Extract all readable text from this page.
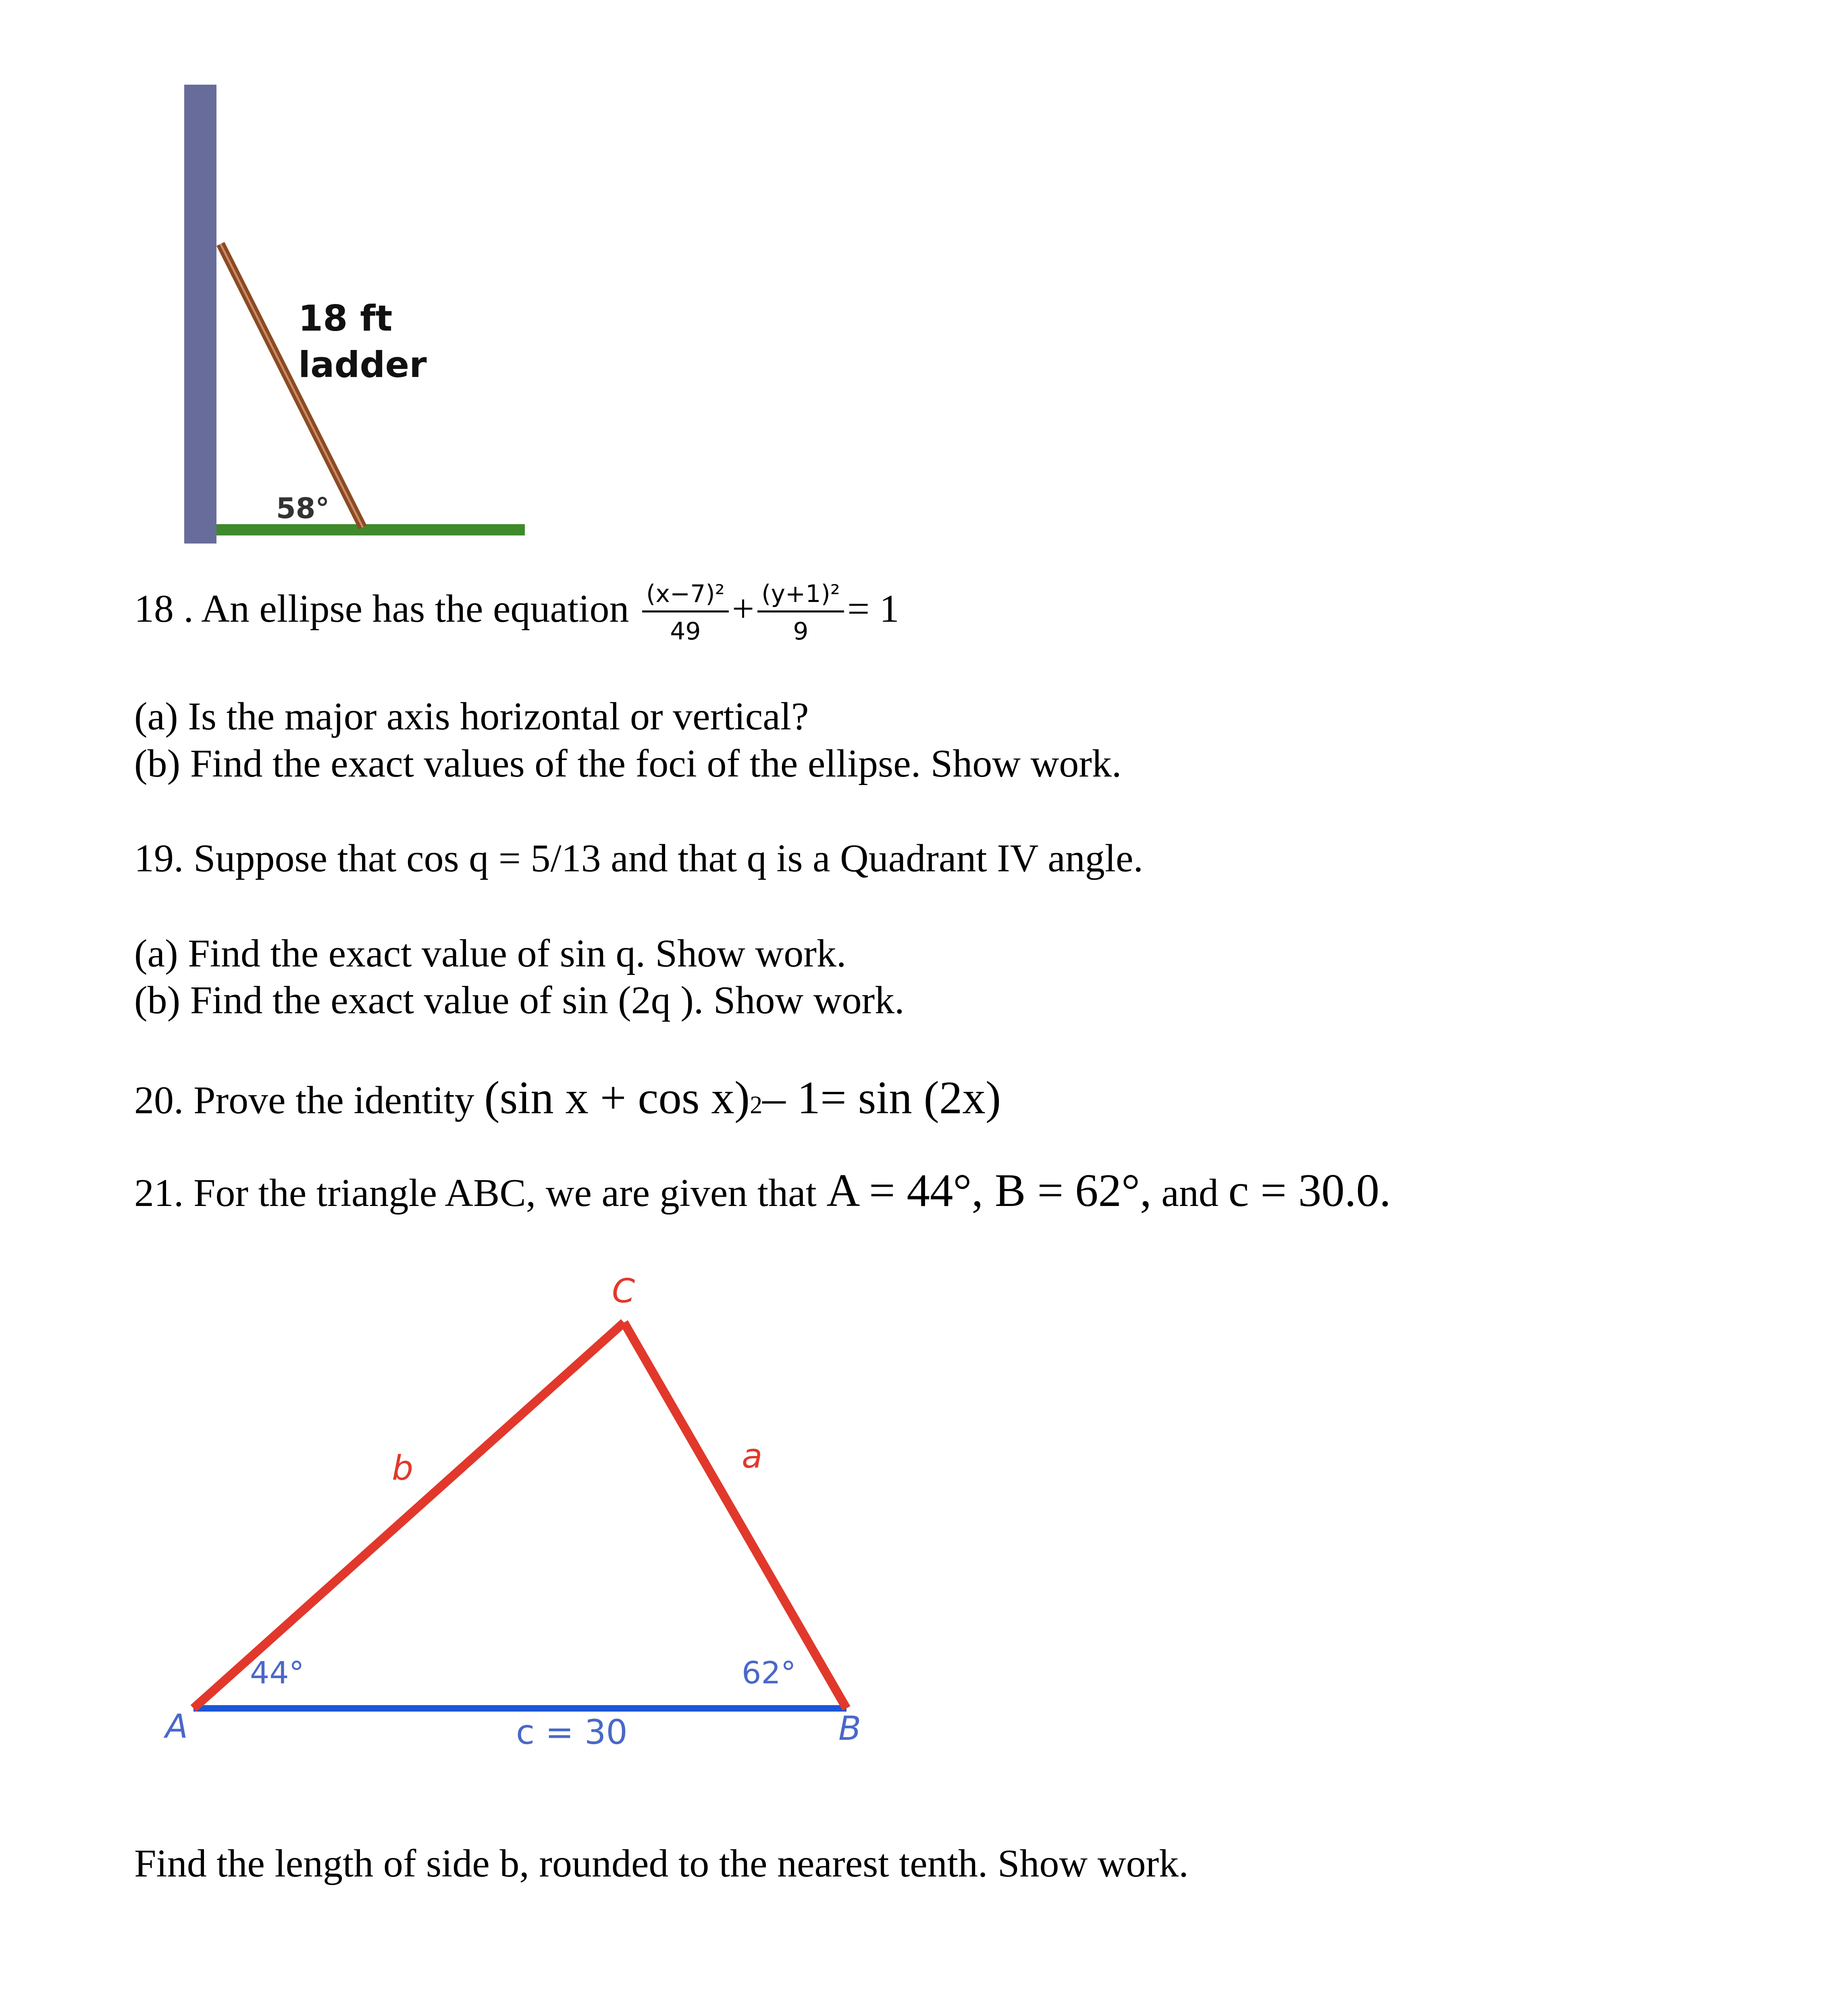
18 ft
ladder
58°
18 . An ellipse has the equation $\frac{\text{(x−7)²}}{49} + \frac{\text{(y+1)²}}{9} = 1$
(a) Is the major axis horizontal or vertical?
(b) Find the exact values of the foci of the ellipse. Show work.
19. Suppose that cos q = 5/13 and that q is a Quadrant IV angle.
(a) Find the exact value of sin q. Show work.
(b) Find the exact value of sin (2q ). Show work.
20. Prove the identity (sin x + cos x)2– 1= sin (2x)
21. For the triangle ABC, we are given that A = 44°, B = 62°, and c = 30.0.
C
A	B
b	a
c = 30
44°	62°
Find the length of side b, rounded to the nearest tenth. Show work.
